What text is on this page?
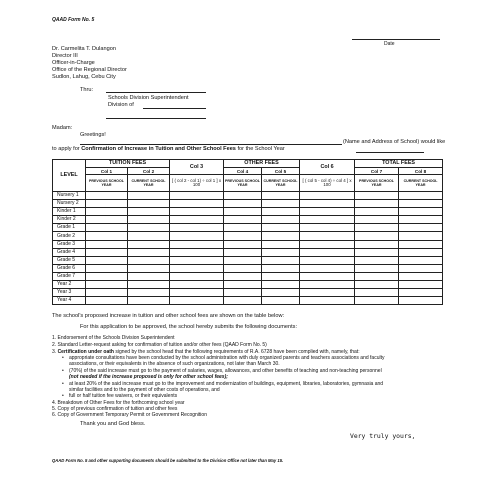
QAAD Form No. 5
Date
Dr. Carmelita T. Dulangon
Director III
Officer-in-Charge
Office of the Regional Director
Sudlon, Lahug, Cebu City
Thru:
Schools Division Superintendent
Division of
Madam:
Greetings!
(Name and Address of School) would like
to apply for Confirmation of Increase in Tuition and Other School Fees for the School Year
LEVEL	TUITION FEES		Col 3	OTHER FEES		Col 6	TOTAL FEES	
	Col 1	Col 2		Col 4	Col 5		Col 7	Col 8
	PREVIOUS SCHOOL YEAR	CURRENT SCHOOL YEAR	[ ( col 2 - col 1) ÷ col 1 ] x 100	PREVIOUS SCHOOL YEAR	CURRENT SCHOOL YEAR	[ ( col 5 - col 4) ÷ col 4 ] x 100	PREVIOUS SCHOOL YEAR	CURRENT SCHOOL YEAR
Nursery 1								
Nursery 2								
Kinder 1								
Kinder 2								
Grade 1								
Grade 2								
Grade 3								
Grade 4								
Grade 5								
Grade 6								
Grade 7								
Year 2								
Year 3								
Year 4								
The school's proposed increase in tuition and other school fees are shown on the table below:
For this application to be approved, the school hereby submits the following documents:
1. Endorsement of the Schools Division Superintendent
2. Standard Letter-request asking for confirmation of tuition and/or other fees (QAAD Form No. 5)
3. Certification under oath signed by the school head that the following requirements of R.A. 6728 have been complied with, namely, that:
• appropriate consultations have been conducted by the school administration with duly organized parents and teachers associations and faculty
associations, or their equivalents in the absence of such organizations, not later than March 30.
• (70%) of the said increase must go to the payment of salaries, wages, allowances, and other benefits of teaching and non-teaching personnel
(not needed if the increase proposed is only for other school fees);
• at least 20% of the said increase must go to the improvement and modernization of buildings, equipment, libraries, laboratories, gymnasia and
similar facilities and to the payment of other costs of operations, and
• full or half tuition fee waivers, or their equivalents
4. Breakdown of Other Fees for the forthcoming school year
5. Copy of previous confirmation of tuition and other fees
6. Copy of Government Temporary Permit or Government Recognition
Thank you and God bless.
Very truly yours,
QAAD Form No. 5 and other supporting documents should be submitted to the Division Office not later than May 15.
